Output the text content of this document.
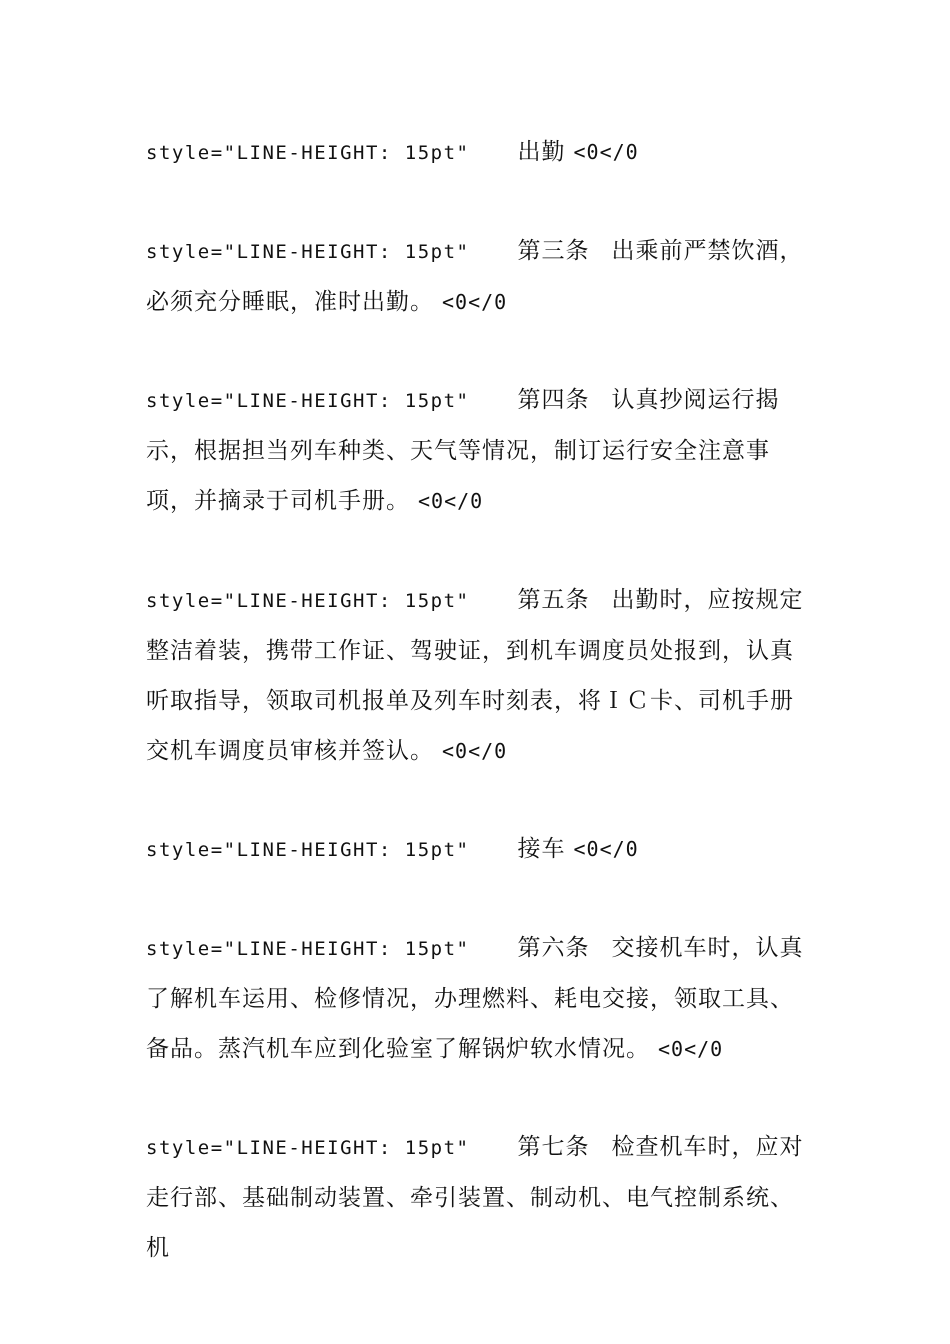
style="LINE-HEIGHT: 15pt" 出勤 <0</0
style="LINE-HEIGHT: 15pt" 第三条 出乘前严禁饮酒，必须充分睡眠，准时出勤。 <0</0
style="LINE-HEIGHT: 15pt" 第四条 认真抄阅运行揭示，根据担当列车种类、天气等情况，制订运行安全注意事项，并摘录于司机手册。 <0</0
style="LINE-HEIGHT: 15pt" 第五条 出勤时，应按规定整洁着装，携带工作证、驾驶证，到机车调度员处报到，认真听取指导，领取司机报单及列车时刻表，将ＩＣ卡、司机手册交机车调度员审核并签认。 <0</0
style="LINE-HEIGHT: 15pt" 接车 <0</0
style="LINE-HEIGHT: 15pt" 第六条 交接机车时，认真了解机车运用、检修情况，办理燃料、耗电交接，领取工具、备品。蒸汽机车应到化验室了解锅炉软水情况。 <0</0
style="LINE-HEIGHT: 15pt" 第七条 检查机车时，应对走行部、基础制动装置、牵引装置、制动机、电气控制系统、机
